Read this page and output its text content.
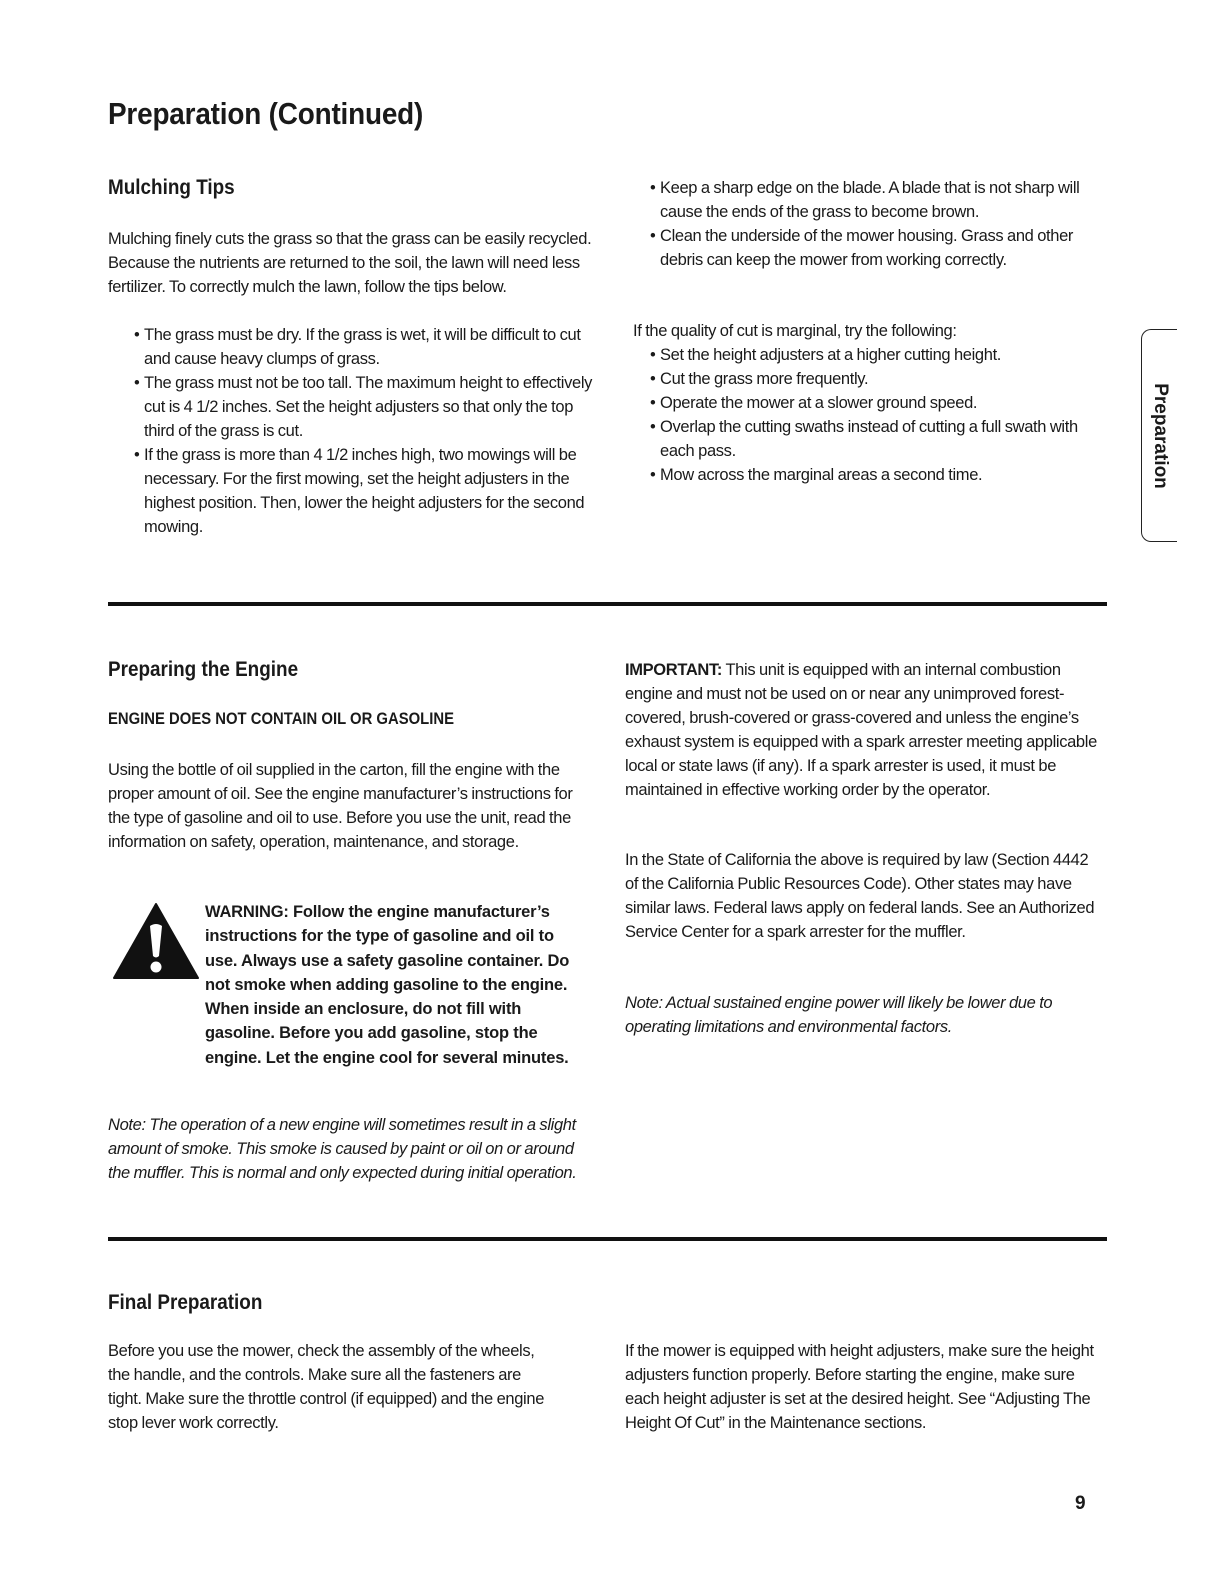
Preparation (Continued)
Mulching Tips

Mulching finely cuts the grass so that the grass can be easily recycled. Because the nutrients are returned to the soil, the lawn will need less fertilizer. To correctly mulch the lawn, follow the tips below.

• The grass must be dry. If the grass is wet, it will be difficult to cut and cause heavy clumps of grass.
• The grass must not be too tall. The maximum height to effectively cut is 4 1/2 inches. Set the height adjusters so that only the top third of the grass is cut.
• If the grass is more than 4 1/2 inches high, two mowings will be necessary. For the first mowing, set the height adjusters in the highest position. Then, lower the height adjusters for the second mowing.
• Keep a sharp edge on the blade. A blade that is not sharp will cause the ends of the grass to become brown.
• Clean the underside of the mower housing. Grass and other debris can keep the mower from working correctly.

If the quality of cut is marginal, try the following:

• Set the height adjusters at a higher cutting height.
• Cut the grass more frequently.
• Operate the mower at a slower ground speed.
• Overlap the cutting swaths instead of cutting a full swath with each pass.
• Mow across the marginal areas a second time.	Preparation
Preparing the Engine
ENGINE DOES NOT CONTAIN OIL OR GASOLINE

Using the bottle of oil supplied in the carton, fill the engine with the proper amount of oil. See the engine manufacturer’s instructions for the type of gasoline and oil to use. Before you use the unit, read the information on safety, operation, maintenance, and storage.

WARNING: Follow the engine manufacturer’s instructions for the type of gasoline and oil to use. Always use a safety gasoline container. Do not smoke when adding gasoline to the engine. When inside an enclosure, do not fill with gasoline. Before you add gasoline, stop the engine. Let the engine cool for several minutes.

Note: The operation of a new engine will sometimes result in a slight amount of smoke. This smoke is caused by paint or oil on or around the muffler. This is normal and only expected during initial operation.

IMPORTANT: This unit is equipped with an internal combustion engine and must not be used on or near any unimproved forest-covered, brush-covered or grass-covered and unless the engine’s exhaust system is equipped with a spark arrester meeting applicable local or state laws (if any). If a spark arrester is used, it must be maintained in effective working order by the operator.

In the State of California the above is required by law (Section 4442 of the California Public Resources Code). Other states may have similar laws. Federal laws apply on federal lands. See an Authorized Service Center for a spark arrester for the muffler.

Note: Actual sustained engine power will likely be lower due to operating limitations and environmental factors.

Final Preparation

Before you use the mower, check the assembly of the wheels, the handle, and the controls. Make sure all the fasteners are tight. Make sure the throttle control (if equipped) and the engine stop lever work correctly.

If the mower is equipped with height adjusters, make sure the height adjusters function properly. Before starting the engine, make sure each height adjuster is set at the desired height. See “Adjusting The Height Of Cut” in the Maintenance sections.

9
